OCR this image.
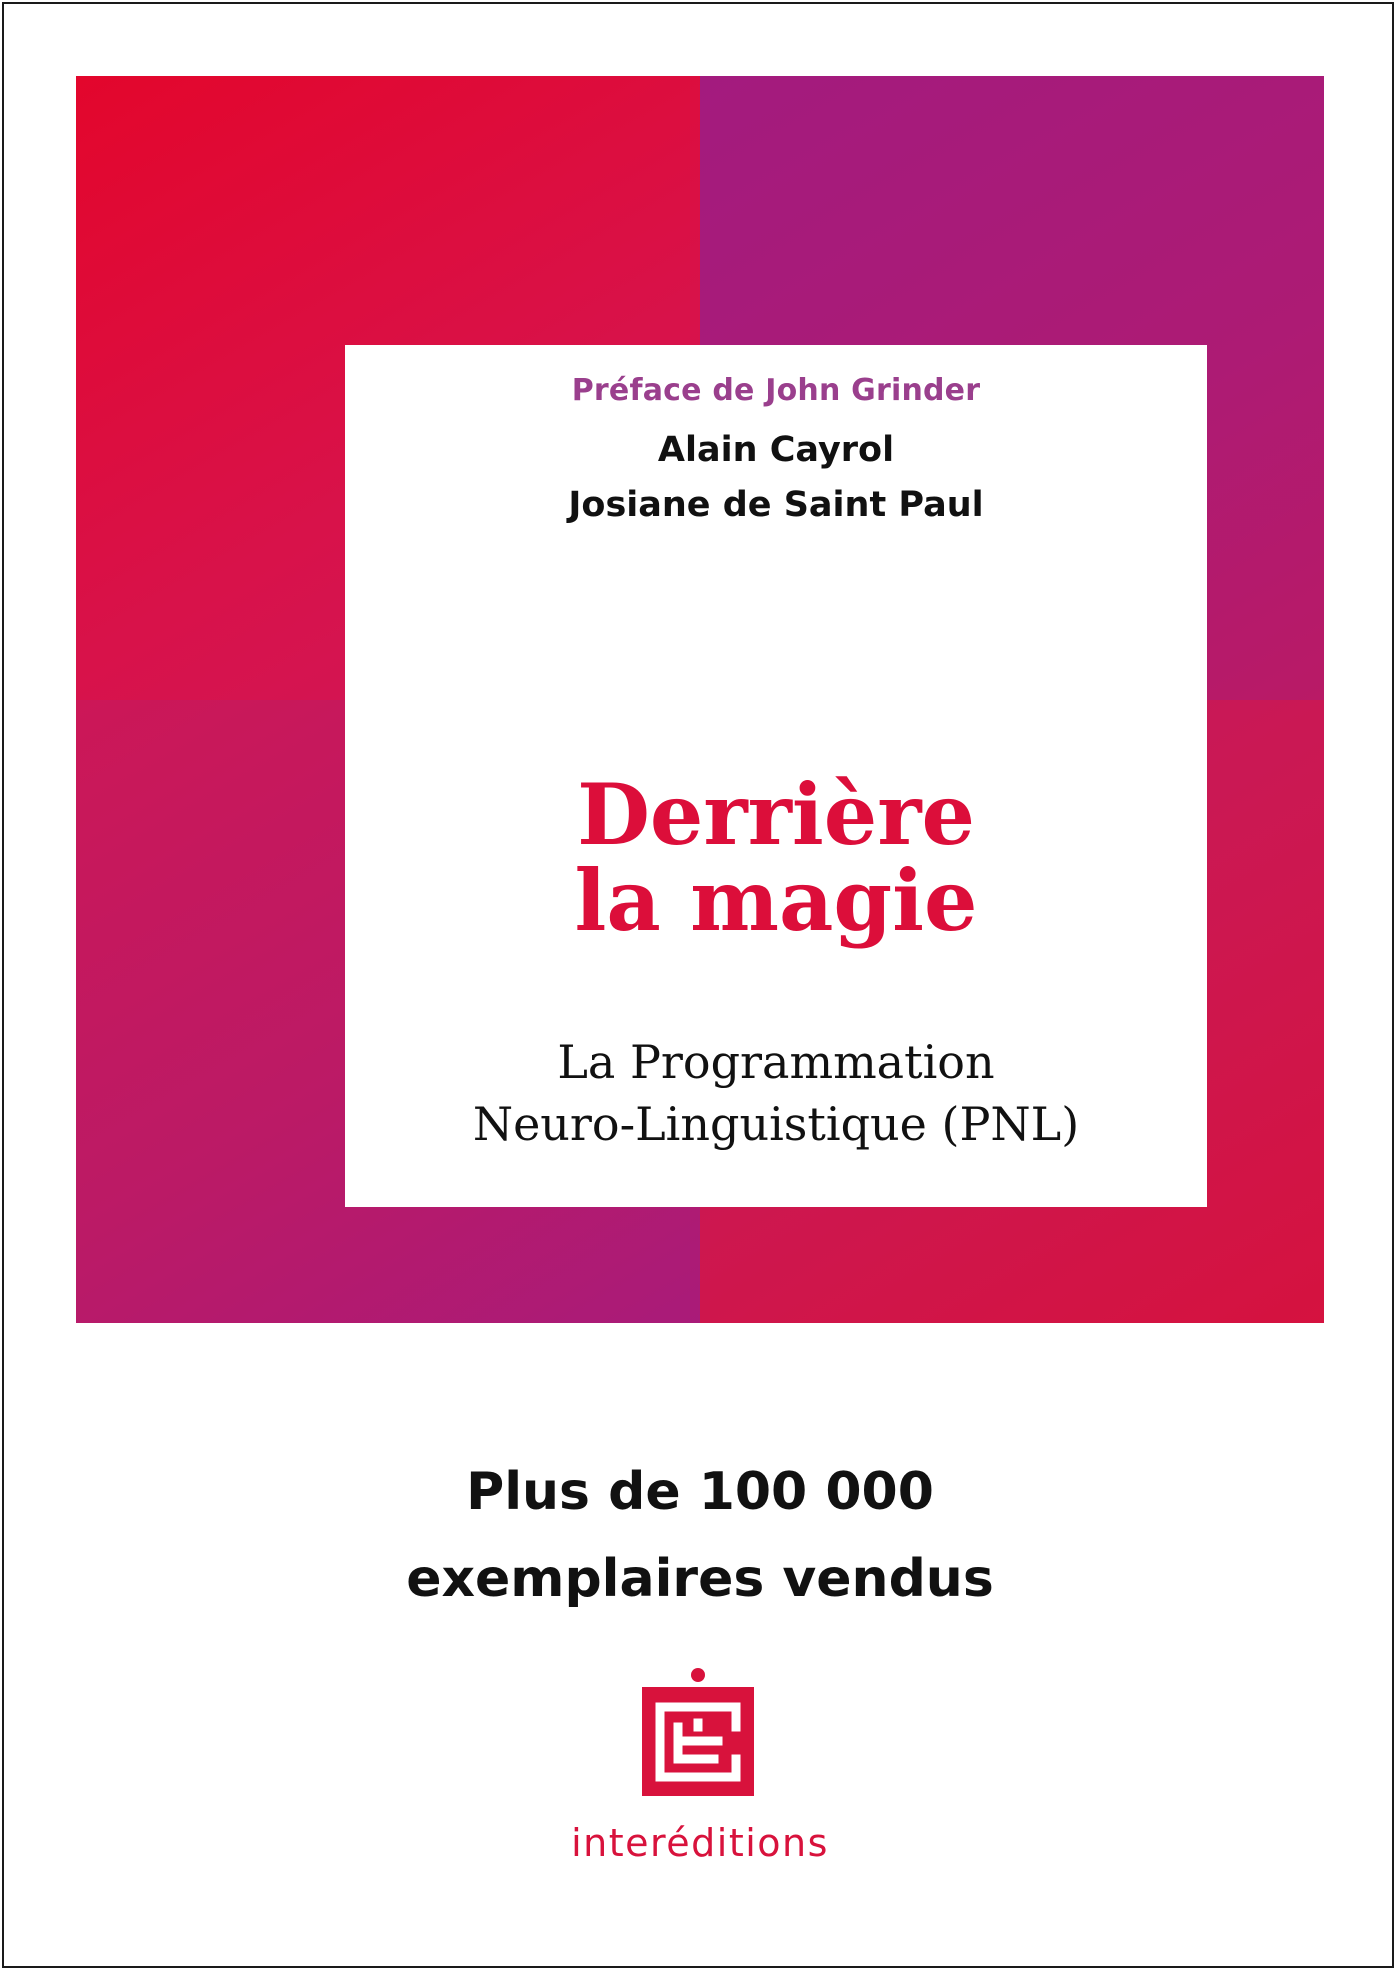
Préface de John Grinder
Alain Cayrol
Josiane de Saint Paul
Derrière
la magie
La Programmation
Neuro-Linguistique (PNL)
Plus de 100 000
exemplaires vendus
interéditions
